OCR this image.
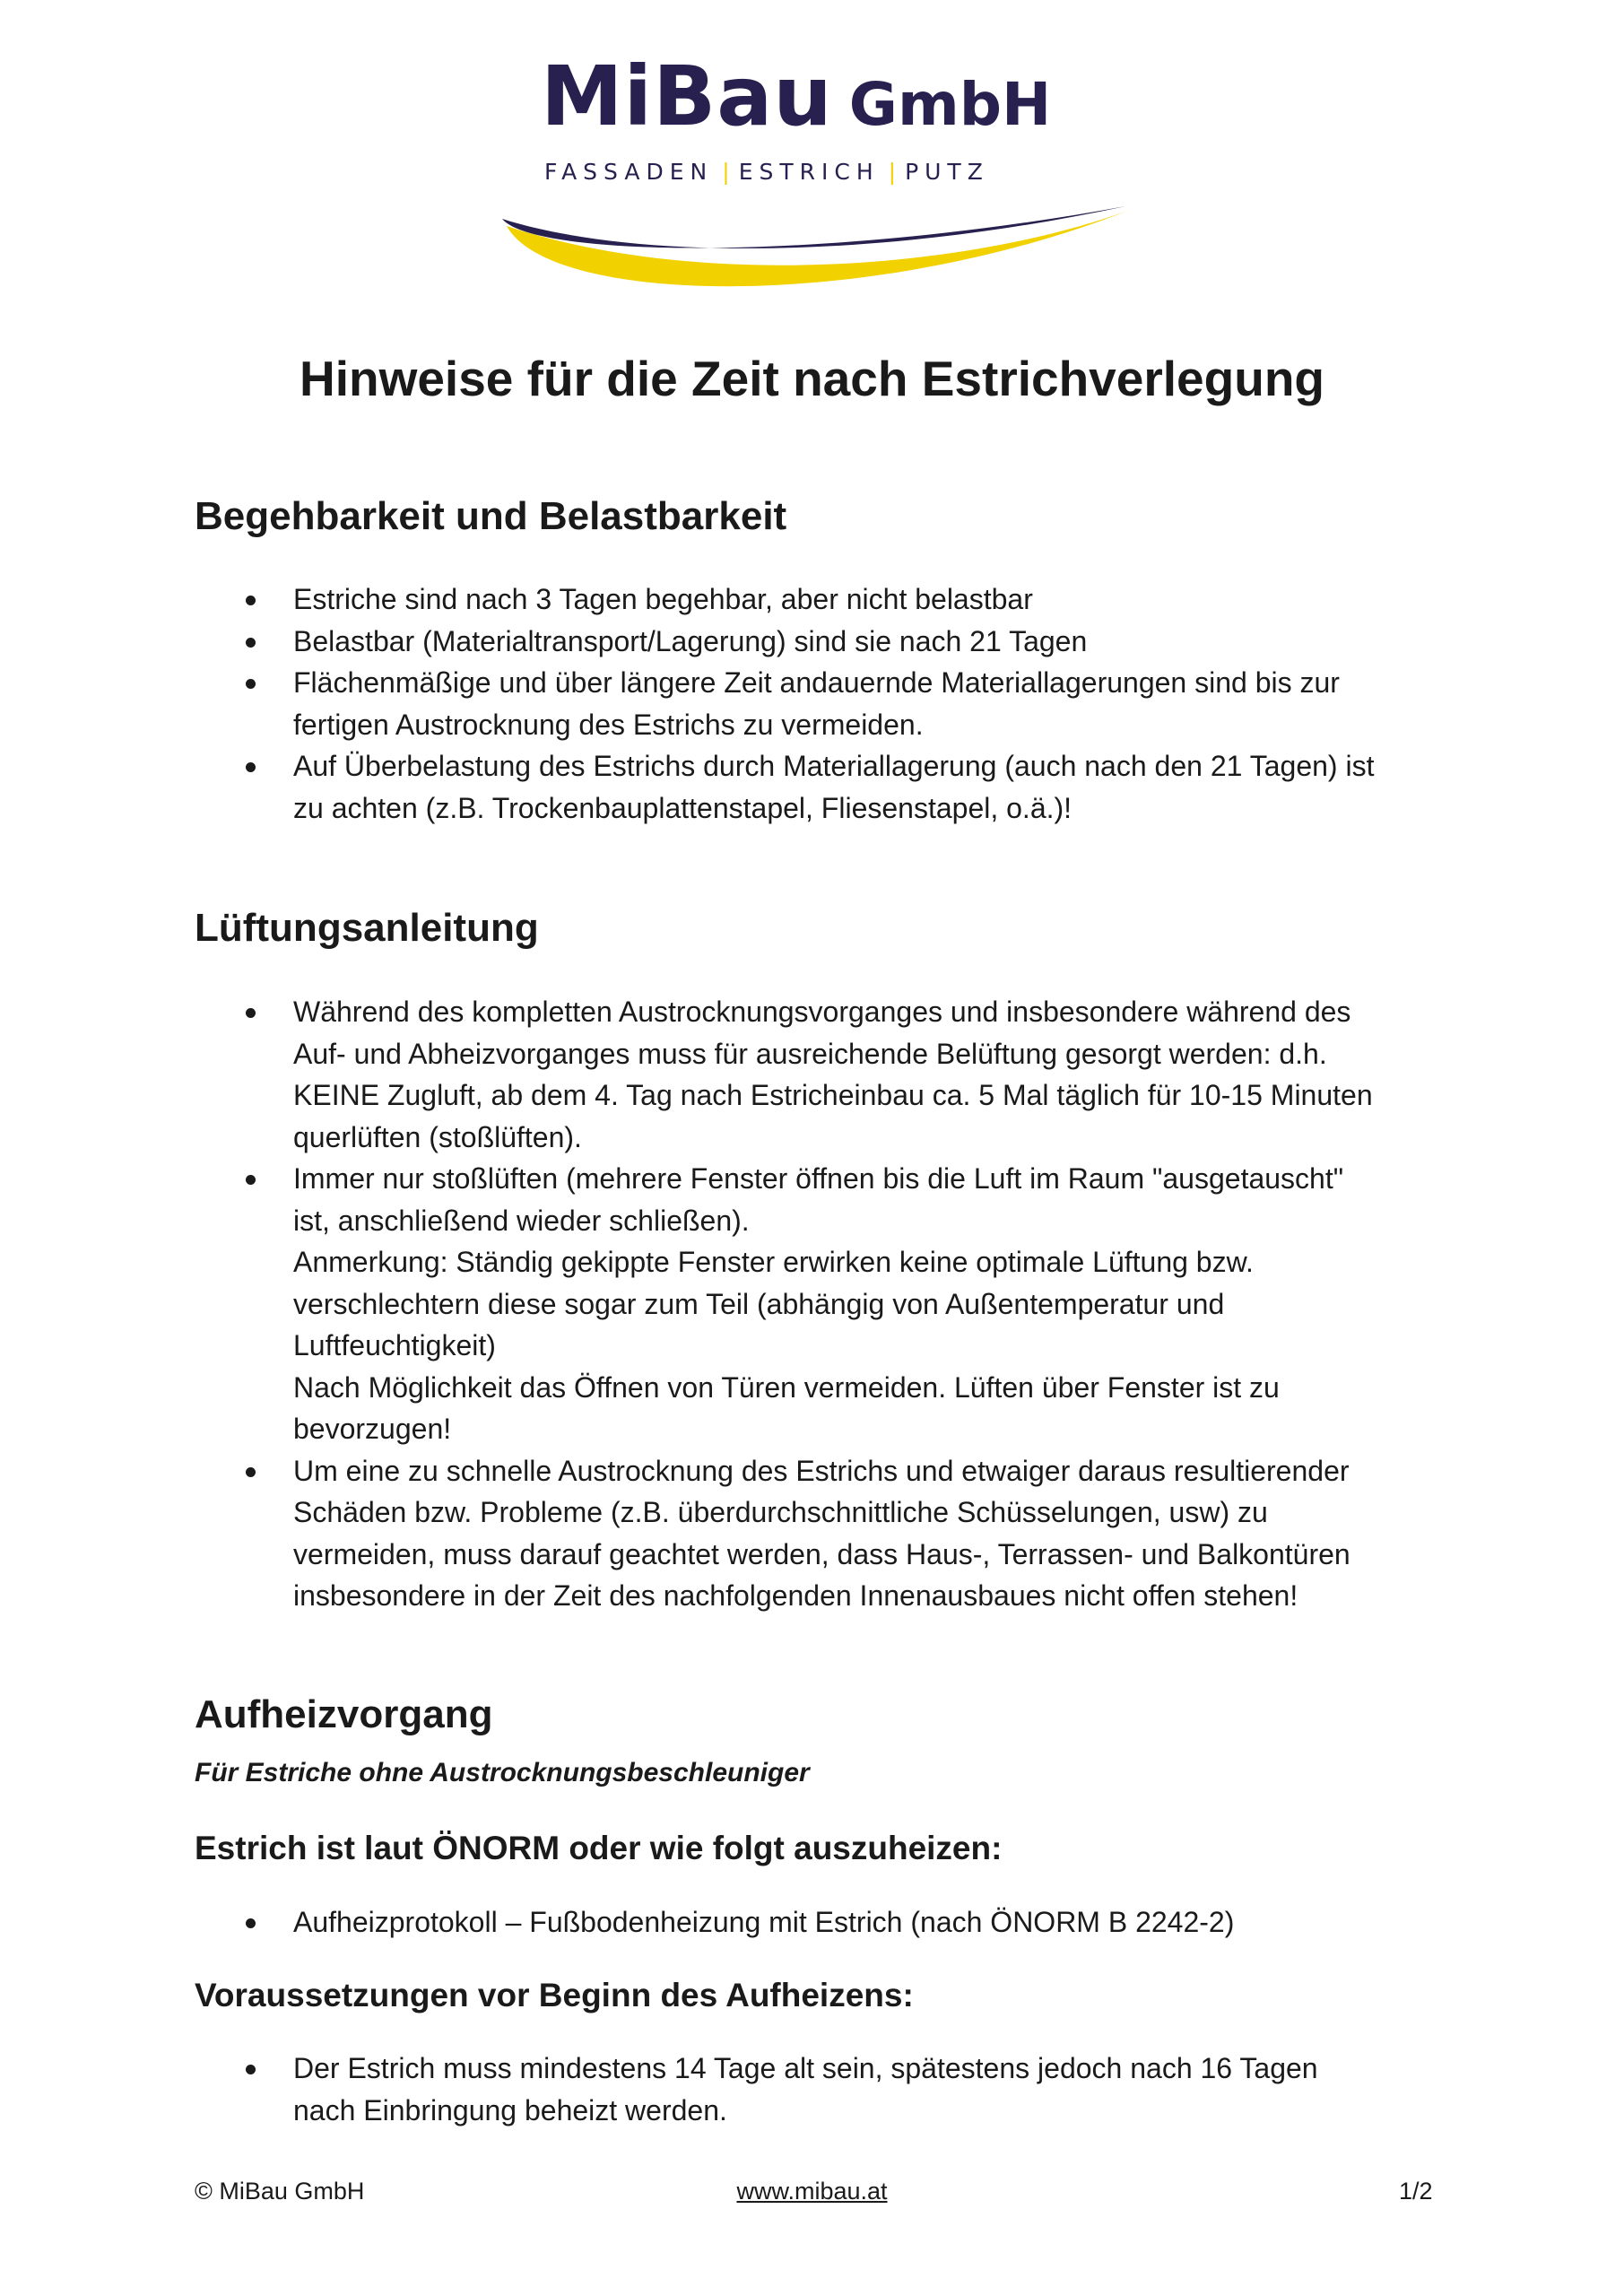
MiBau GmbH
FASSADEN | ESTRICH | PUTZ
Hinweise für die Zeit nach Estrichverlegung
Begehbarkeit und Belastbarkeit
Estriche sind nach 3 Tagen begehbar, aber nicht belastbar
Belastbar (Materialtransport/Lagerung) sind sie nach 21 Tagen
Flächenmäßige und über längere Zeit andauernde Materiallagerungen sind bis zur
fertigen Austrocknung des Estrichs zu vermeiden.
Auf Überbelastung des Estrichs durch Materiallagerung (auch nach den 21 Tagen) ist
zu achten (z.B. Trockenbauplattenstapel, Fliesenstapel, o.ä.)!
Lüftungsanleitung
Während des kompletten Austrocknungsvorganges und insbesondere während des
Auf- und Abheizvorganges muss für ausreichende Belüftung gesorgt werden: d.h.
KEINE Zugluft, ab dem 4. Tag nach Estricheinbau ca. 5 Mal täglich für 10-15 Minuten
querlüften (stoßlüften).
Immer nur stoßlüften (mehrere Fenster öffnen bis die Luft im Raum "ausgetauscht"
ist, anschließend wieder schließen).
Anmerkung: Ständig gekippte Fenster erwirken keine optimale Lüftung bzw.
verschlechtern diese sogar zum Teil (abhängig von Außentemperatur und
Luftfeuchtigkeit)
Nach Möglichkeit das Öffnen von Türen vermeiden. Lüften über Fenster ist zu
bevorzugen!
Um eine zu schnelle Austrocknung des Estrichs und etwaiger daraus resultierender
Schäden bzw. Probleme (z.B. überdurchschnittliche Schüsselungen, usw) zu
vermeiden, muss darauf geachtet werden, dass Haus-, Terrassen- und Balkontüren
insbesondere in der Zeit des nachfolgenden Innenausbaues nicht offen stehen!
Aufheizvorgang
Für Estriche ohne Austrocknungsbeschleuniger
Estrich ist laut ÖNORM oder wie folgt auszuheizen:
Aufheizprotokoll – Fußbodenheizung mit Estrich (nach ÖNORM B 2242-2)
Voraussetzungen vor Beginn des Aufheizens:
Der Estrich muss mindestens 14 Tage alt sein, spätestens jedoch nach 16 Tagen
nach Einbringung beheizt werden.
© MiBau GmbH	www.mibau.at	1/2
